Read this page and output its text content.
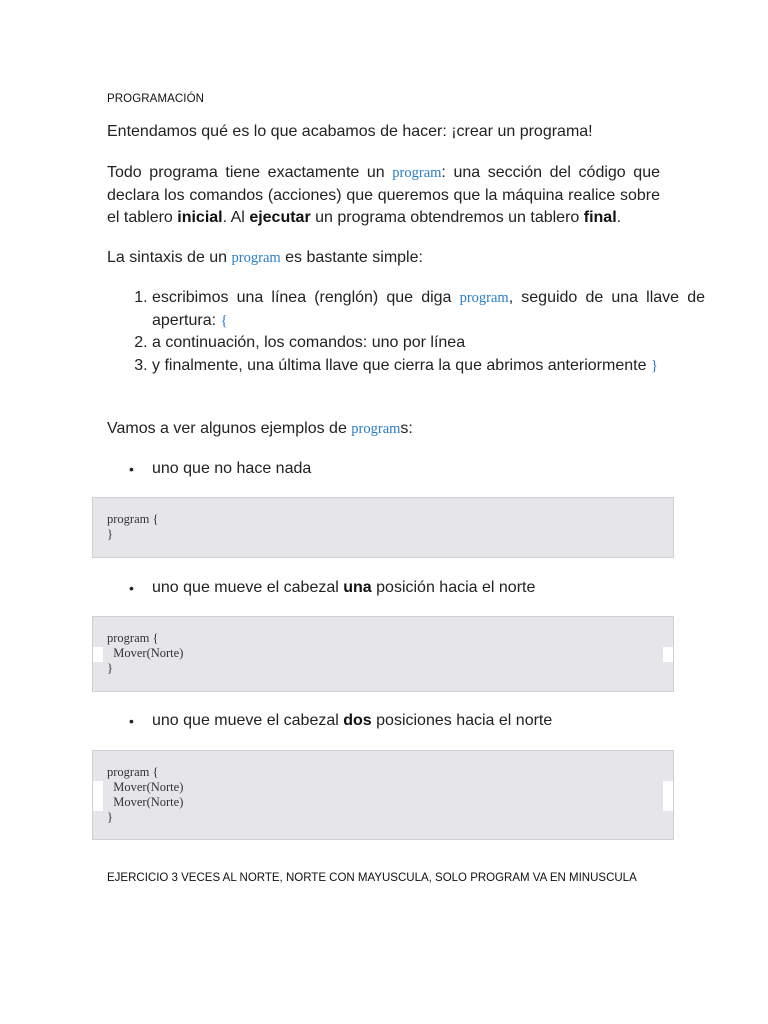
PROGRAMACIÓN
Entendamos qué es lo que acabamos de hacer: ¡crear un programa!
Todo programa tiene exactamente un program: una sección del código que declara los comandos (acciones) que queremos que la máquina realice sobre el tablero inicial. Al ejecutar un programa obtendremos un tablero final.
La sintaxis de un program es bastante simple:
1. escribimos una línea (renglón) que diga program, seguido de una llave de apertura: {
2. a continuación, los comandos: uno por línea
3. y finalmente, una última llave que cierra la que abrimos anteriormente }
Vamos a ver algunos ejemplos de programs:
• uno que no hace nada
program {
}
• uno que mueve el cabezal una posición hacia el norte
program {
Mover(Norte)
}
• uno que mueve el cabezal dos posiciones hacia el norte
program {
Mover(Norte)
Mover(Norte)
}
EJERCICIO 3 VECES AL NORTE, NORTE CON MAYUSCULA, SOLO PROGRAM VA EN MINUSCULA
